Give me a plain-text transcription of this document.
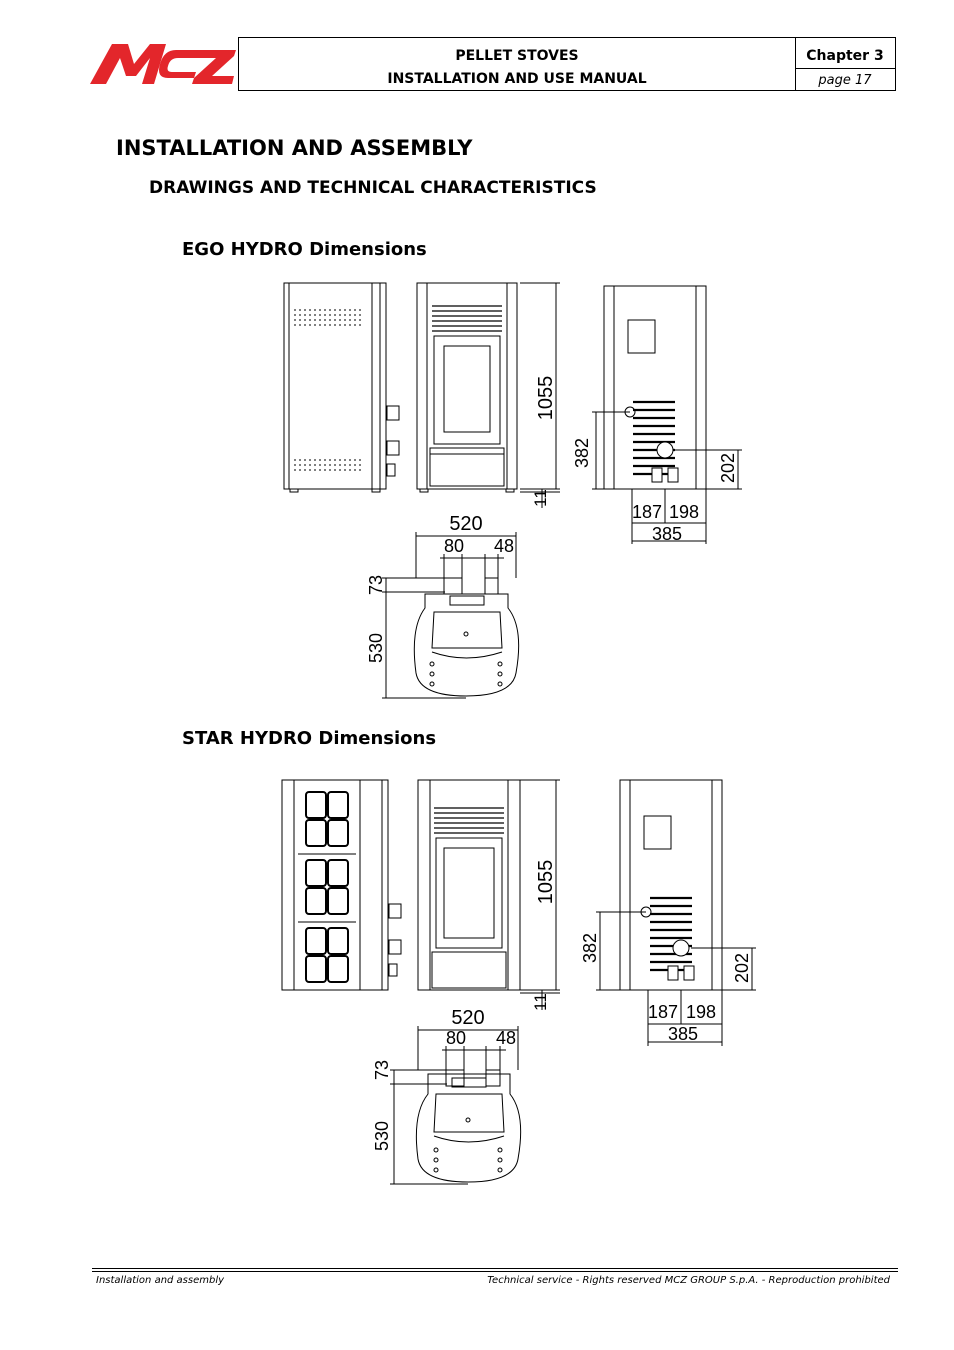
MCZ
PELLET STOVES
INSTALLATION AND USE MANUAL
Chapter 3
page 17
INSTALLATION AND ASSEMBLY
DRAWINGS AND TECHNICAL CHARACTERISTICS
EGO HYDRO Dimensions
STAR HYDRO Dimensions
1055
11
382	202
187 198
385
520
80 48
73
530
1055
11
382
202
187 198
385
520
80 48
73
530
Installation and assembly	Technical service - Rights reserved MCZ GROUP S.p.A. - Reproduction prohibited
